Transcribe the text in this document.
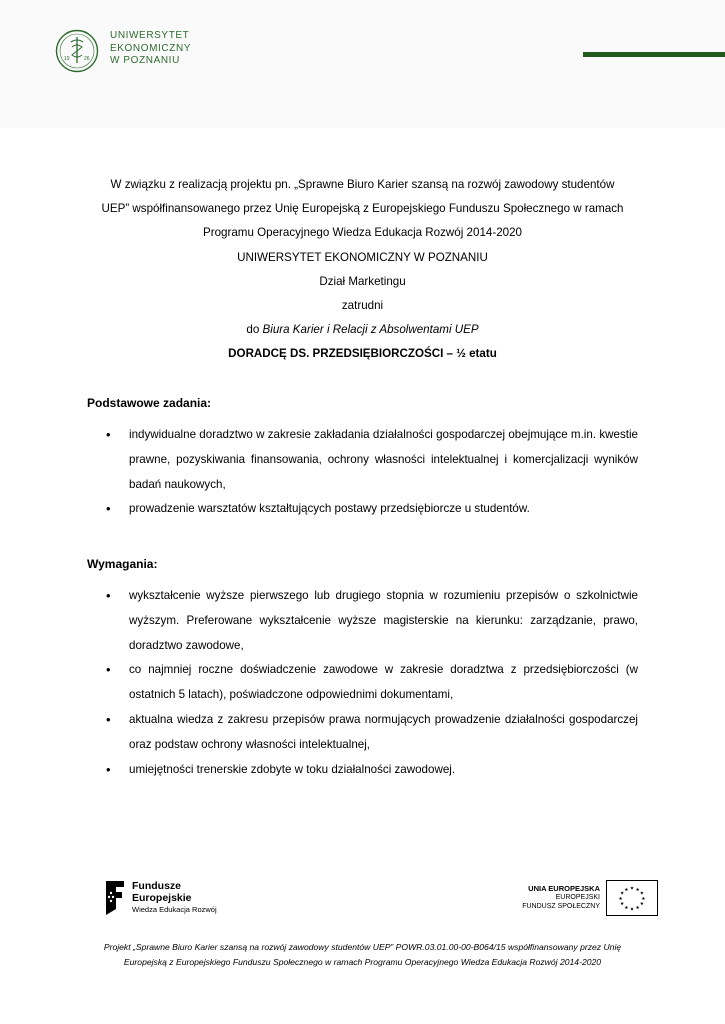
19	26
UNIWERSYTET
EKONOMICZNY
W POZNANIU
W związku z realizacją projektu pn. „Sprawne Biuro Karier szansą na rozwój zawodowy studentów
UEP” współfinansowanego przez Unię Europejską z Europejskiego Funduszu Społecznego w ramach
Programu Operacyjnego Wiedza Edukacja Rozwój 2014-2020
UNIWERSYTET EKONOMICZNY W POZNANIU
Dział Marketingu
zatrudni
do Biura Karier i Relacji z Absolwentami UEP
DORADCĘ DS. PRZEDSIĘBIORCZOŚCI – ½ etatu
Podstawowe zadania:
• indywidualne doradztwo w zakresie zakładania działalności gospodarczej obejmujące m.in. kwestie prawne, pozyskiwania finansowania, ochrony własności intelektualnej i komercjalizacji wyników badań naukowych,
• prowadzenie warsztatów kształtujących postawy przedsiębiorcze u studentów.
Wymagania:
• wykształcenie wyższe pierwszego lub drugiego stopnia w rozumieniu przepisów o szkolnictwie wyższym. Preferowane wykształcenie wyższe magisterskie na kierunku: zarządzanie, prawo, doradztwo zawodowe,
• co najmniej roczne doświadczenie zawodowe w zakresie doradztwa z przedsiębiorczości (w ostatnich 5 latach), poświadczone odpowiednimi dokumentami,
• aktualna wiedza z zakresu przepisów prawa normujących prowadzenie działalności gospodarczej oraz podstaw ochrony własności intelektualnej,
• umiejętności trenerskie zdobyte w toku działalności zawodowej.
Fundusze
Europejskie
Wiedza Edukacja Rozwój
UNIA EUROPEJSKA
EUROPEJSKI
FUNDUSZ SPOŁECZNY
★ ★
★
★
★
★
★
★
★
★
★
★
Projekt „Sprawne Biuro Karier szansą na rozwój zawodowy studentów UEP” POWR.03.01.00-00-B064/15 współfinansowany przez Unię
Europejską z Europejskiego Funduszu Społecznego w ramach Programu Operacyjnego Wiedza Edukacja Rozwój 2014-2020
